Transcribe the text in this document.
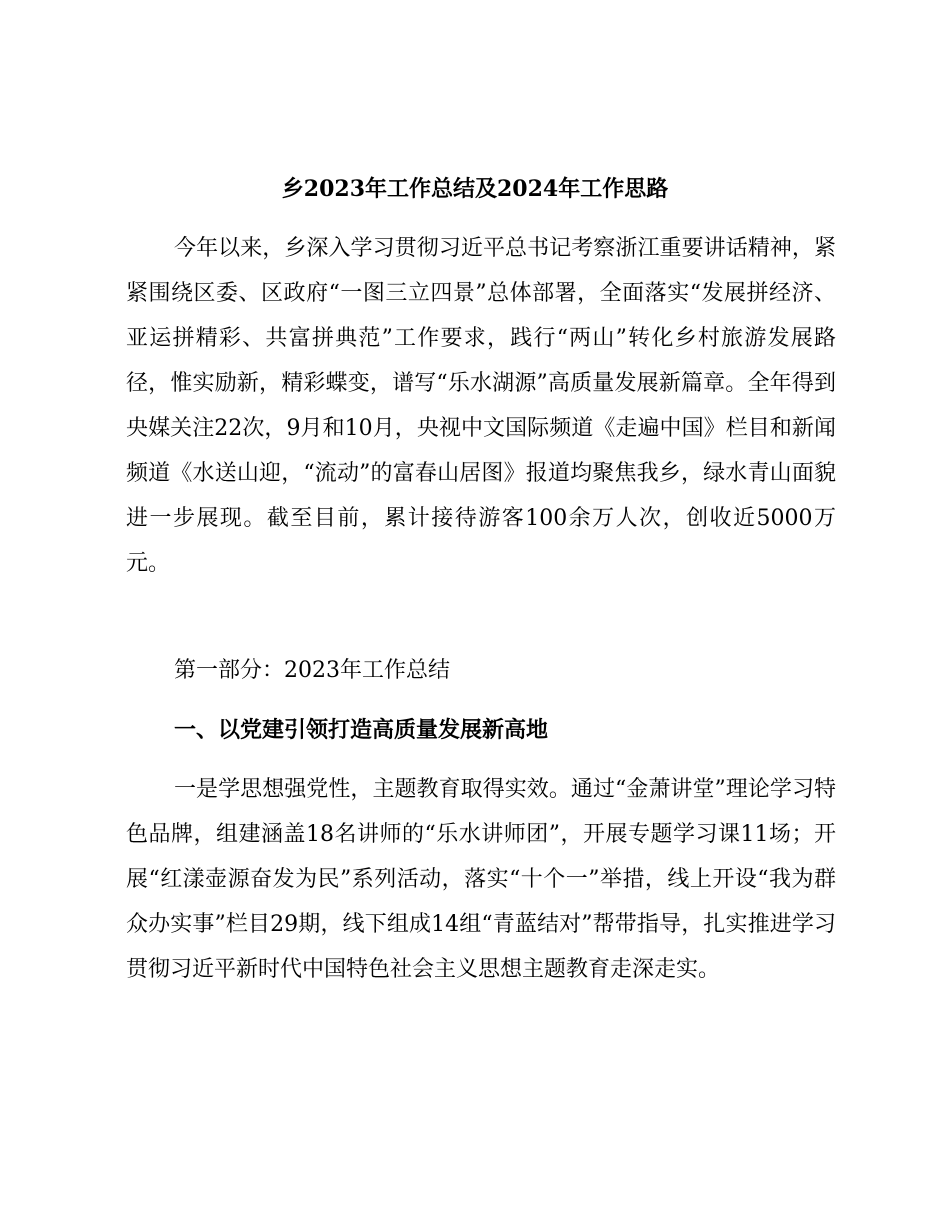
乡2023年工作总结及2024年工作思路

今年以来，乡深入学习贯彻习近平总书记考察浙江重要讲话精神，紧紧围绕区委、区政府“一图三立四景”总体部署，全面落实“发展拼经济、亚运拼精彩、共富拼典范”工作要求，践行“两山”转化乡村旅游发展路径，惟实励新，精彩蝶变，谱写“乐水湖源”高质量发展新篇章。全年得到央媒关注22次，9月和10月，央视中文国际频道《走遍中国》栏目和新闻频道《水送山迎，“流动”的富春山居图》报道均聚焦我乡，绿水青山面貌进一步展现。截至目前，累计接待游客100余万人次，创收近5000万元。

第一部分：2023年工作总结
一、以党建引领打造高质量发展新高地

一是学思想强党性，主题教育取得实效。通过“金萧讲堂”理论学习特色品牌，组建涵盖18名讲师的“乐水讲师团”，开展专题学习课11场；开展“红漾壶源奋发为民”系列活动，落实“十个一”举措，线上开设“我为群众办实事”栏目29期，线下组成14组“青蓝结对”帮带指导，扎实推进学习贯彻习近平新时代中国特色社会主义思想主题教育走深走实。
